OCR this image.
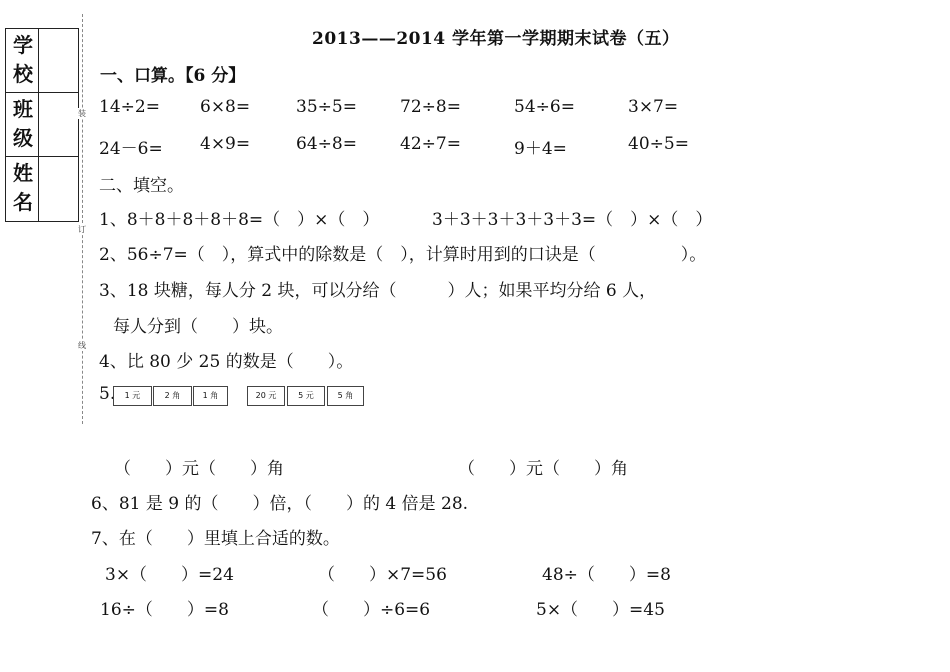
学校
班级
姓名
装
订
线
2013——2014 学年第一学期期末试卷（五）
一、口算。【6 分】
14÷2= 6×8=	35÷5=	72÷8=	54÷6=	3×7=
24－6= 4×9=	64÷8=	42÷7=	9＋4=	40÷5=
二、填空。
1、8＋8＋8＋8＋8=（　）×（　）	3＋3＋3＋3＋3＋3=（　）×（　）
2、56÷7=（　），算式中的除数是（　），计算时用到的口诀是（　　　　　）。
3、18 块糖，每人分 2 块，可以分给（　　　）人；如果平均分给 6 人，
每人分到（　　）块。
4、比 80 少 25 的数是（　　）。
5.	1 元	2 角	1 角	20 元	5 元	5 角
（　　）元（　　）角	（　　）元（　　）角
6、81 是 9 的（　　）倍，（　　）的 4 倍是 28.
7、在（　　）里填上合适的数。
3×（　　）=24	（　　）×7=56	48÷（　　）=8
16÷（　　）=8	（　　）÷6=6	5×（　　）=45
